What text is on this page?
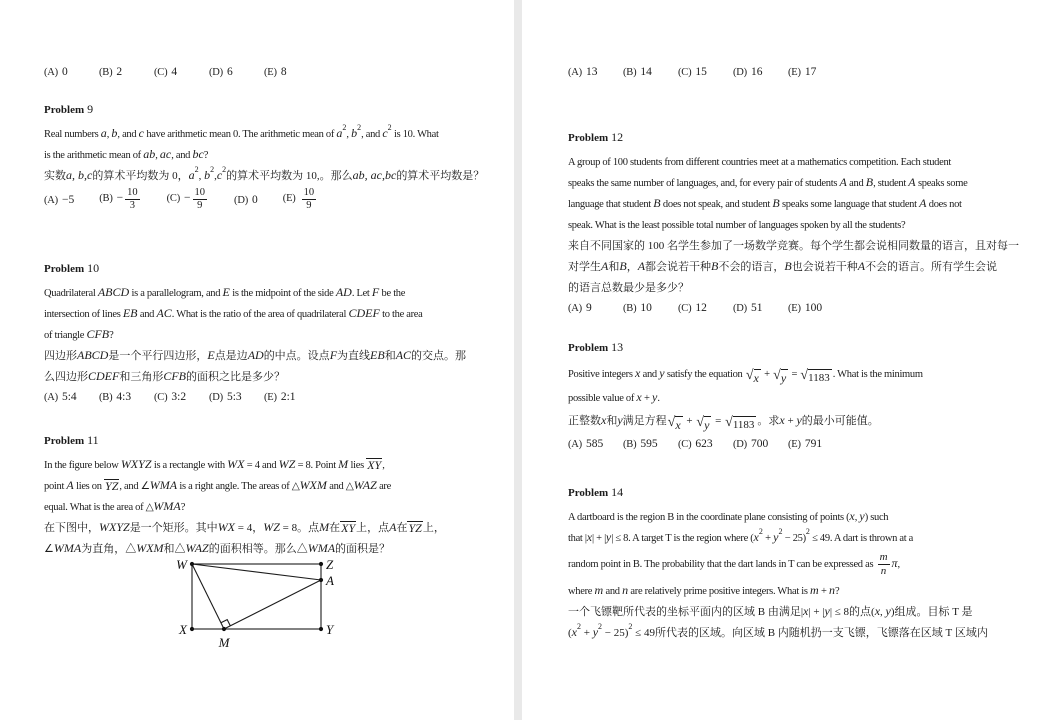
W	Z
A
X	Y
M
(A) 0	(B) 2	(C) 4	(D) 6	(E) 8
Problem 9
Real numbers a, b, and c have arithmetic mean 0. The arithmetic mean of $a^2$, $b^2$, and $c^2$ is 10. What
is the arithmetic mean of ab, ac, and bc?
实数a, b,c的算术平均数为 0，$a^2$, $b^2,c^2$的算术平均数为 10,。那么ab, ac,bc的算术平均数是？
(A) −5 $(B) - \frac{10}{3}$	$(C) - \frac{10}{9}$	(D) 0 $(E) \frac{10}{9}$
Problem 10
Quadrilateral ABCD is a parallelogram, and E is the midpoint of the side AD. Let F be the
intersection of lines EB and AC. What is the ratio of the area of quadrilateral CDEF to the area
of triangle CFB?
四边形ABCD是一个平行四边形，E点是边AD的中点。设点F为直线EB和AC的交点。那
么四边形CDEF和三角形CFB的面积之比是多少？
(A) 5:4	(B) 4:3	(C) 3:2	(D) 5:3	(E) 2:1
Problem 11
In the figure below WXYZ is a rectangle with WX = 4 and WZ = 8. Point M lies XY,
point A lies on YZ, and ∠WMA is a right angle. The areas of △WXM and △WAZ are
equal. What is the area of △WMA?
在下图中，WXYZ是一个矩形。其中WX = 4，WZ = 8。点M在XY上，点A在YZ上，
∠WMA为直角，△WXM和△WAZ的面积相等。那么△WMA的面积是？
(A) 13	(B) 14	(C) 15	(D) 16	(E) 17
Problem 12
A group of 100 students from different countries meet at a mathematics competition. Each student
speaks the same number of languages, and, for every pair of students A and B, student A speaks some
language that student B does not speak, and student B speaks some language that student A does not
speak. What is the least possible total number of languages spoken by all the students?
来自不同国家的 100 名学生参加了一场数学竞赛。每个学生都会说相同数量的语言，且对每一
对学生A和B，A都会说若干种B不会的语言，B也会说若干种A不会的语言。所有学生会说
的语言总数最少是多少？
(A) 9	(B) 10	(C) 12	(D) 51	(E) 100
Problem 13
Positive integers x and y satisfy the equation √ x + √ y = √ 1183 . What is the minimum
possible value of x + y.
正整数x和y满足方程 √ x + √ y = √ 1183 。求x + y的最小可能值。
(A) 585	(B) 595	(C) 623	(D) 700	(E) 791
Problem 14
A dartboard is the region B in the coordinate plane consisting of points (x, y) such
that |x| + |y| ≤ 8. A target T is the region where $(x^2 + y^2 - 25)^2 \le 49$. A dart is thrown at a
random point in B. The probability that the dart lands in T can be expressed as $\frac{m}{n} \pi$,
where m and n are relatively prime positive integers. What is m + n?
一个飞镖靶所代表的坐标平面内的区域 B 由满足|x| + |y| ≤ 8的点(x, y)组成。目标 T 是
$(x^2 + y^2 - 25)^2 \le 49$所代表的区域。向区域 B 内随机扔一支飞镖，飞镖落在区域 T 区域内
